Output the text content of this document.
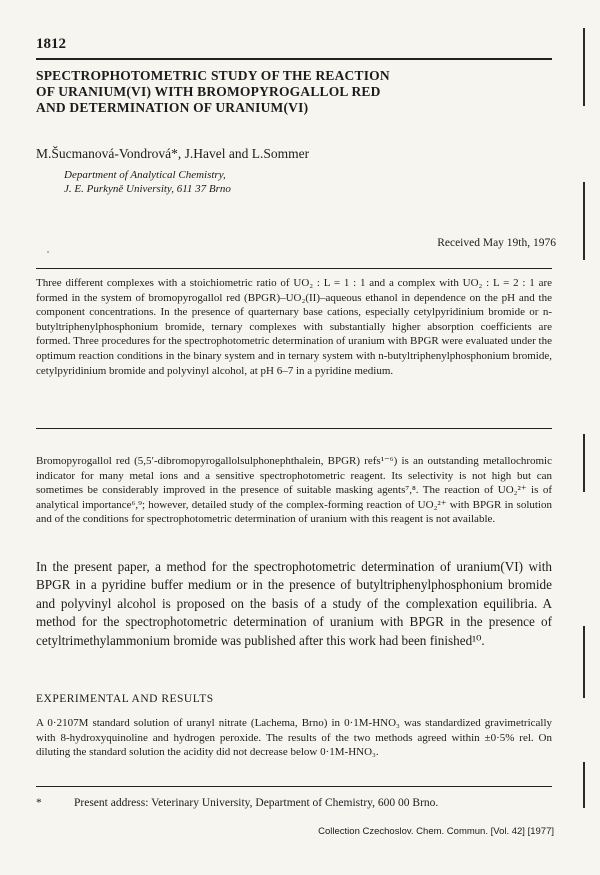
1812
SPECTROPHOTOMETRIC STUDY OF THE REACTION
OF URANIUM(VI) WITH BROMOPYROGALLOL RED
AND DETERMINATION OF URANIUM(VI)
M.Šucmanová-Vondrová*, J.Havel and L.Sommer
Department of Analytical Chemistry,
J. E. Purkyně University, 611 37 Brno
Received May 19th, 1976
˙

Three different complexes with a stoichiometric ratio of UO₂ : L = 1 : 1 and a complex with UO₂ : L = 2 : 1 are formed in the system of bromopyrogallol red (BPGR)–UO₂(II)–aqueous ethanol in dependence on the pH and the component concentrations. In the presence of quarternary base cations, especially cetylpyridinium bromide or n-butyltriphenylphosphonium bromide, ternary complexes with substantially higher absorption coefficients are formed. Three procedures for the spectrophotometric determination of uranium with BPGR were evaluated under the optimum reaction conditions in the binary system and in ternary system with n-butyltriphenylphosphonium bromide, cetylpyridinium bromide and polyvinyl alcohol, at pH 6–7 in a pyridine medium.

Bromopyrogallol red (5,5′-dibromopyrogallolsulphonephthalein, BPGR) refs¹⁻⁶) is an outstanding metallochromic indicator for many metal ions and a sensitive spectrophotometric reagent. Its selectivity is not high but can sometimes be considerably improved in the presence of suitable masking agents⁷,⁸. The reaction of UO₂²⁺ is of analytical importance⁶,⁹; however, detailed study of the complex-forming reaction of UO₂²⁺ with BPGR in solution and of the conditions for spectrophotometric determination of uranium with this reagent is not available.

In the present paper, a method for the spectrophotometric determination of uranium(VI) with BPGR in a pyridine buffer medium or in the presence of butyltriphenylphosphonium bromide and polyvinyl alcohol is proposed on the basis of a study of the complexation equilibria. A method for the spectrophotometric determination of uranium with BPGR in the presence of cetyltrimethylammonium bromide was published after this work had been finished¹⁰.

EXPERIMENTAL AND RESULTS

A 0·2107M standard solution of uranyl nitrate (Lachema, Brno) in 0·1M-HNO₃ was standardized gravimetrically with 8-hydroxyquinoline and hydrogen peroxide. The results of the two methods agreed within ±0·5% rel. On diluting the standard solution the acidity did not decrease below 0·1M-HNO₃.

*	Present address: Veterinary University, Department of Chemistry, 600 00 Brno.
Collection Czechoslov. Chem. Commun. [Vol. 42] [1977]
